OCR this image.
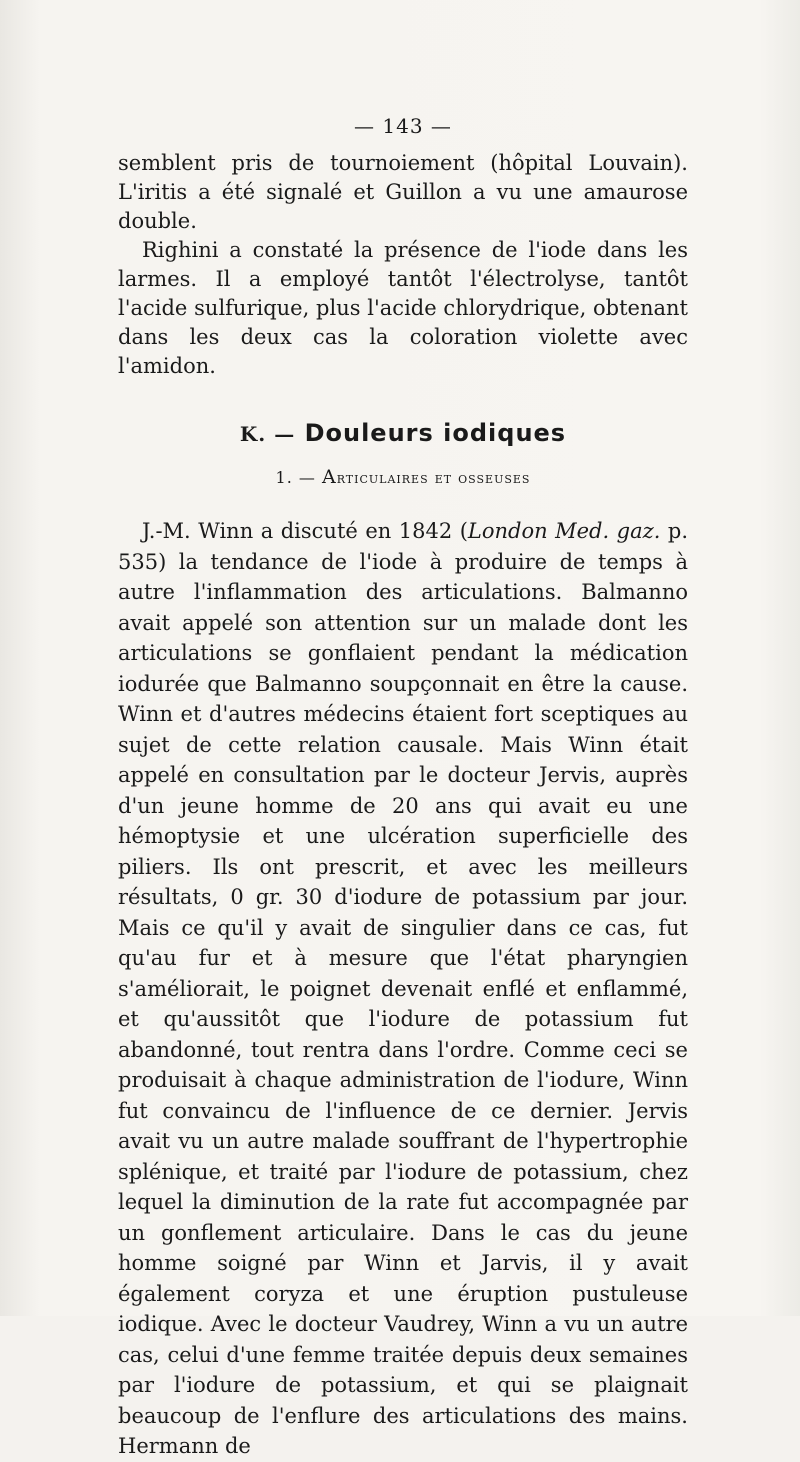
— 143 —

semblent pris de tournoiement (hôpital Louvain). L'iritis a été signalé et Guillon a vu une amaurose double.

Righini a constaté la présence de l'iode dans les larmes. Il a employé tantôt l'électrolyse, tantôt l'acide sulfurique, plus l'acide chlorydrique, obtenant dans les deux cas la coloration violette avec l'amidon.

K. — Douleurs iodiques
1. — Articulaires et osseuses

J.-M. Winn a discuté en 1842 (London Med. gaz. p. 535) la tendance de l'iode à produire de temps à autre l'inflammation des articulations. Balmanno avait appelé son attention sur un malade dont les articulations se gonflaient pendant la médication iodurée que Balmanno soupçonnait en être la cause. Winn et d'autres médecins étaient fort sceptiques au sujet de cette relation causale. Mais Winn était appelé en consultation par le docteur Jervis, auprès d'un jeune homme de 20 ans qui avait eu une hémoptysie et une ulcération superficielle des piliers. Ils ont prescrit, et avec les meilleurs résultats, 0 gr. 30 d'iodure de potassium par jour. Mais ce qu'il y avait de singulier dans ce cas, fut qu'au fur et à mesure que l'état pharyngien s'améliorait, le poignet devenait enflé et enflammé, et qu'aussitôt que l'iodure de potassium fut abandonné, tout rentra dans l'ordre. Comme ceci se produisait à chaque administration de l'iodure, Winn fut convaincu de l'influence de ce dernier. Jervis avait vu un autre malade souffrant de l'hypertrophie splénique, et traité par l'iodure de potassium, chez lequel la diminution de la rate fut accompagnée par un gonflement articulaire. Dans le cas du jeune homme soigné par Winn et Jarvis, il y avait également coryza et une éruption pustuleuse iodique. Avec le docteur Vaudrey, Winn a vu un autre cas, celui d'une femme traitée depuis deux semaines par l'iodure de potassium, et qui se plaignait beaucoup de l'enflure des articulations des mains. Hermann de
